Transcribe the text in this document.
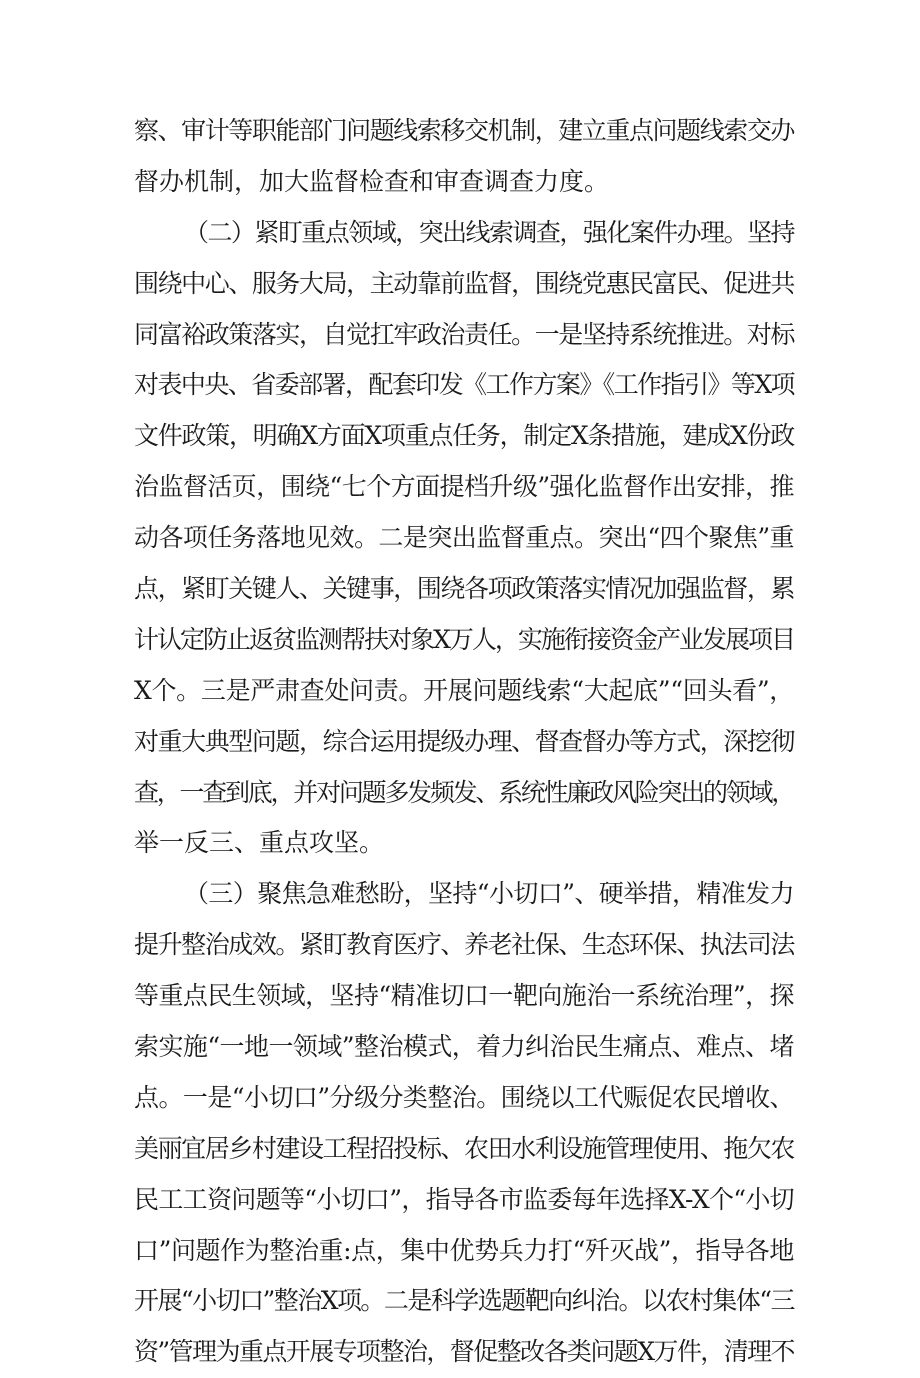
察、审计等职能部门问题线索移交机制，建立重点问题线索交办
督办机制，加大监督检查和审查调查力度。
（二）紧盯重点领域，突出线索调查，强化案件办理。坚持
围绕中心、服务大局，主动靠前监督，围绕党惠民富民、促进共
同富裕政策落实，自觉扛牢政治责任。一是坚持系统推进。对标
对表中央、省委部署，配套印发《工作方案》《工作指引》等X项
文件政策，明确X方面X项重点任务，制定X条措施，建成X份政
治监督活页，围绕“七个方面提档升级”强化监督作出安排，推
动各项任务落地见效。二是突出监督重点。突出“四个聚焦”重
点，紧盯关键人、关键事，围绕各项政策落实情况加强监督，累
计认定防止返贫监测帮扶对象X万人，实施衔接资金产业发展项目
X个。三是严肃查处问责。开展问题线索“大起底”“回头看”，
对重大典型问题，综合运用提级办理、督查督办等方式，深挖彻
查，一查到底，并对问题多发频发、系统性廉政风险突出的领域，
举一反三、重点攻坚。
（三）聚焦急难愁盼，坚持“小切口”、硬举措，精准发力
提升整治成效。紧盯教育医疗、养老社保、生态环保、执法司法
等重点民生领域，坚持“精准切口一靶向施治一系统治理”，探
索实施“一地一领域”整治模式，着力纠治民生痛点、难点、堵
点。一是“小切口”分级分类整治。围绕以工代赈促农民增收、
美丽宜居乡村建设工程招投标、农田水利设施管理使用、拖欠农
民工工资问题等“小切口”，指导各市监委每年选择X-X个“小切
口”问题作为整治重:点，集中优势兵力打“歼灭战”，指导各地
开展“小切口”整治X项。二是科学选题靶向纠治。以农村集体“三
资”管理为重点开展专项整治，督促整改各类问题X万件，清理不
